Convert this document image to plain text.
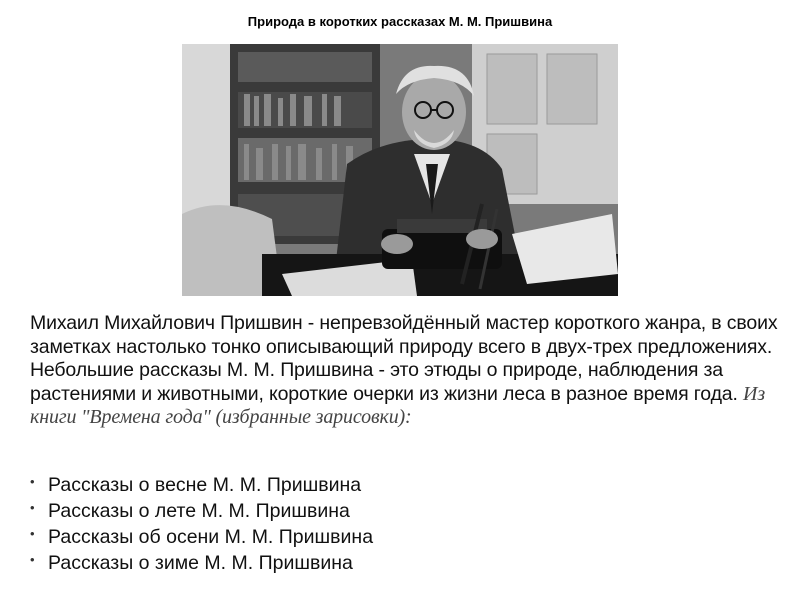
Природа в коротких рассказах М. М. Пришвина
Михаил Михайлович Пришвин - непревзойдённый мастер короткого жанра, в своих заметках настолько тонко описывающий природу всего в двух-трех предложениях. Небольшие рассказы М. М. Пришвина - это этюды о природе, наблюдения за растениями и животными, короткие очерки из жизни леса в разное время года. Из книги "Времена года" (избранные зарисовки):
• Рассказы о весне М. М. Пришвина
• Рассказы о лете М. М. Пришвина
• Рассказы об осени М. М. Пришвина
• Рассказы о зиме М. М. Пришвина
